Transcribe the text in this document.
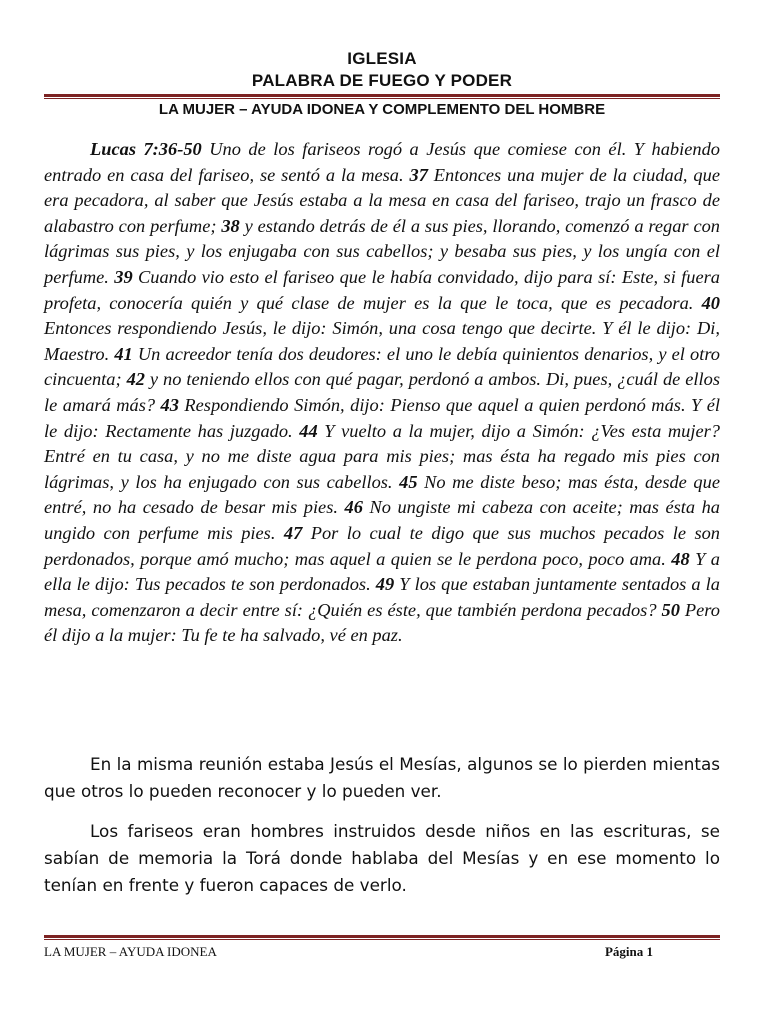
IGLESIA
PALABRA DE FUEGO Y PODER
LA MUJER – AYUDA IDONEA Y COMPLEMENTO DEL HOMBRE

Lucas 7:36-50 Uno de los fariseos rogó a Jesús que comiese con él. Y habiendo entrado en casa del fariseo, se sentó a la mesa. 37 Entonces una mujer de la ciudad, que era pecadora, al saber que Jesús estaba a la mesa en casa del fariseo, trajo un frasco de alabastro con perfume; 38 y estando detrás de él a sus pies, llorando, comenzó a regar con lágrimas sus pies, y los enjugaba con sus cabellos; y besaba sus pies, y los ungía con el perfume. 39 Cuando vio esto el fariseo que le había convidado, dijo para sí: Este, si fuera profeta, conocería quién y qué clase de mujer es la que le toca, que es pecadora. 40 Entonces respondiendo Jesús, le dijo: Simón, una cosa tengo que decirte. Y él le dijo: Di, Maestro. 41 Un acreedor tenía dos deudores: el uno le debía quinientos denarios, y el otro cincuenta; 42 y no teniendo ellos con qué pagar, perdonó a ambos. Di, pues, ¿cuál de ellos le amará más? 43 Respondiendo Simón, dijo: Pienso que aquel a quien perdonó más. Y él le dijo: Rectamente has juzgado. 44 Y vuelto a la mujer, dijo a Simón: ¿Ves esta mujer? Entré en tu casa, y no me diste agua para mis pies; mas ésta ha regado mis pies con lágrimas, y los ha enjugado con sus cabellos. 45 No me diste beso; mas ésta, desde que entré, no ha cesado de besar mis pies. 46 No ungiste mi cabeza con aceite; mas ésta ha ungido con perfume mis pies. 47 Por lo cual te digo que sus muchos pecados le son perdonados, porque amó mucho; mas aquel a quien se le perdona poco, poco ama. 48 Y a ella le dijo: Tus pecados te son perdonados. 49 Y los que estaban juntamente sentados a la mesa, comenzaron a decir entre sí: ¿Quién es éste, que también perdona pecados? 50 Pero él dijo a la mujer: Tu fe te ha salvado, vé en paz.

En la misma reunión estaba Jesús el Mesías, algunos se lo pierden mientas que otros lo pueden reconocer y lo pueden ver.

Los fariseos eran hombres instruidos desde niños en las escrituras, se sabían de memoria la Torá donde hablaba del Mesías y en ese momento lo tenían en frente y fueron capaces de verlo.

LA MUJER – AYUDA IDONEA	Página 1
